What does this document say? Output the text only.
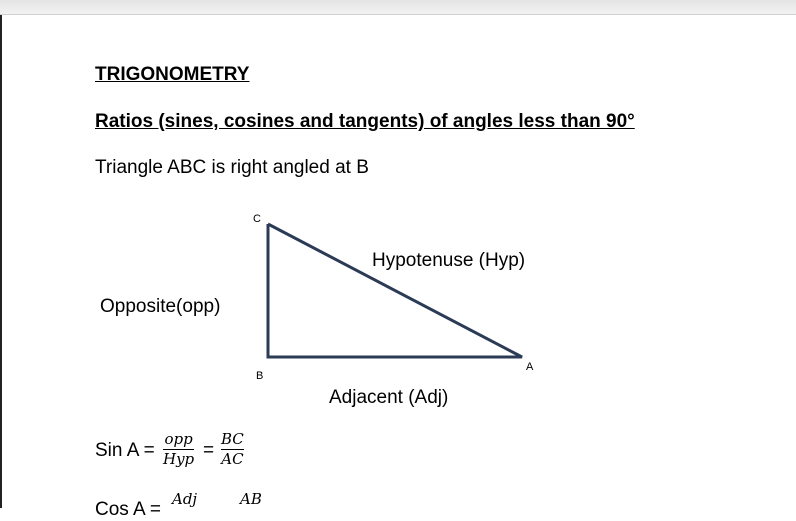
TRIGONOMETRY
Ratios (sines, cosines and tangents) of angles less than 90°
Triangle ABC is right angled at B
C
B
A
Hypotenuse (Hyp)
Opposite(opp)
Adjacent (Adj)
Sin A =
opp
Hyp =
BC
AC
Cos A = Adj	AB
